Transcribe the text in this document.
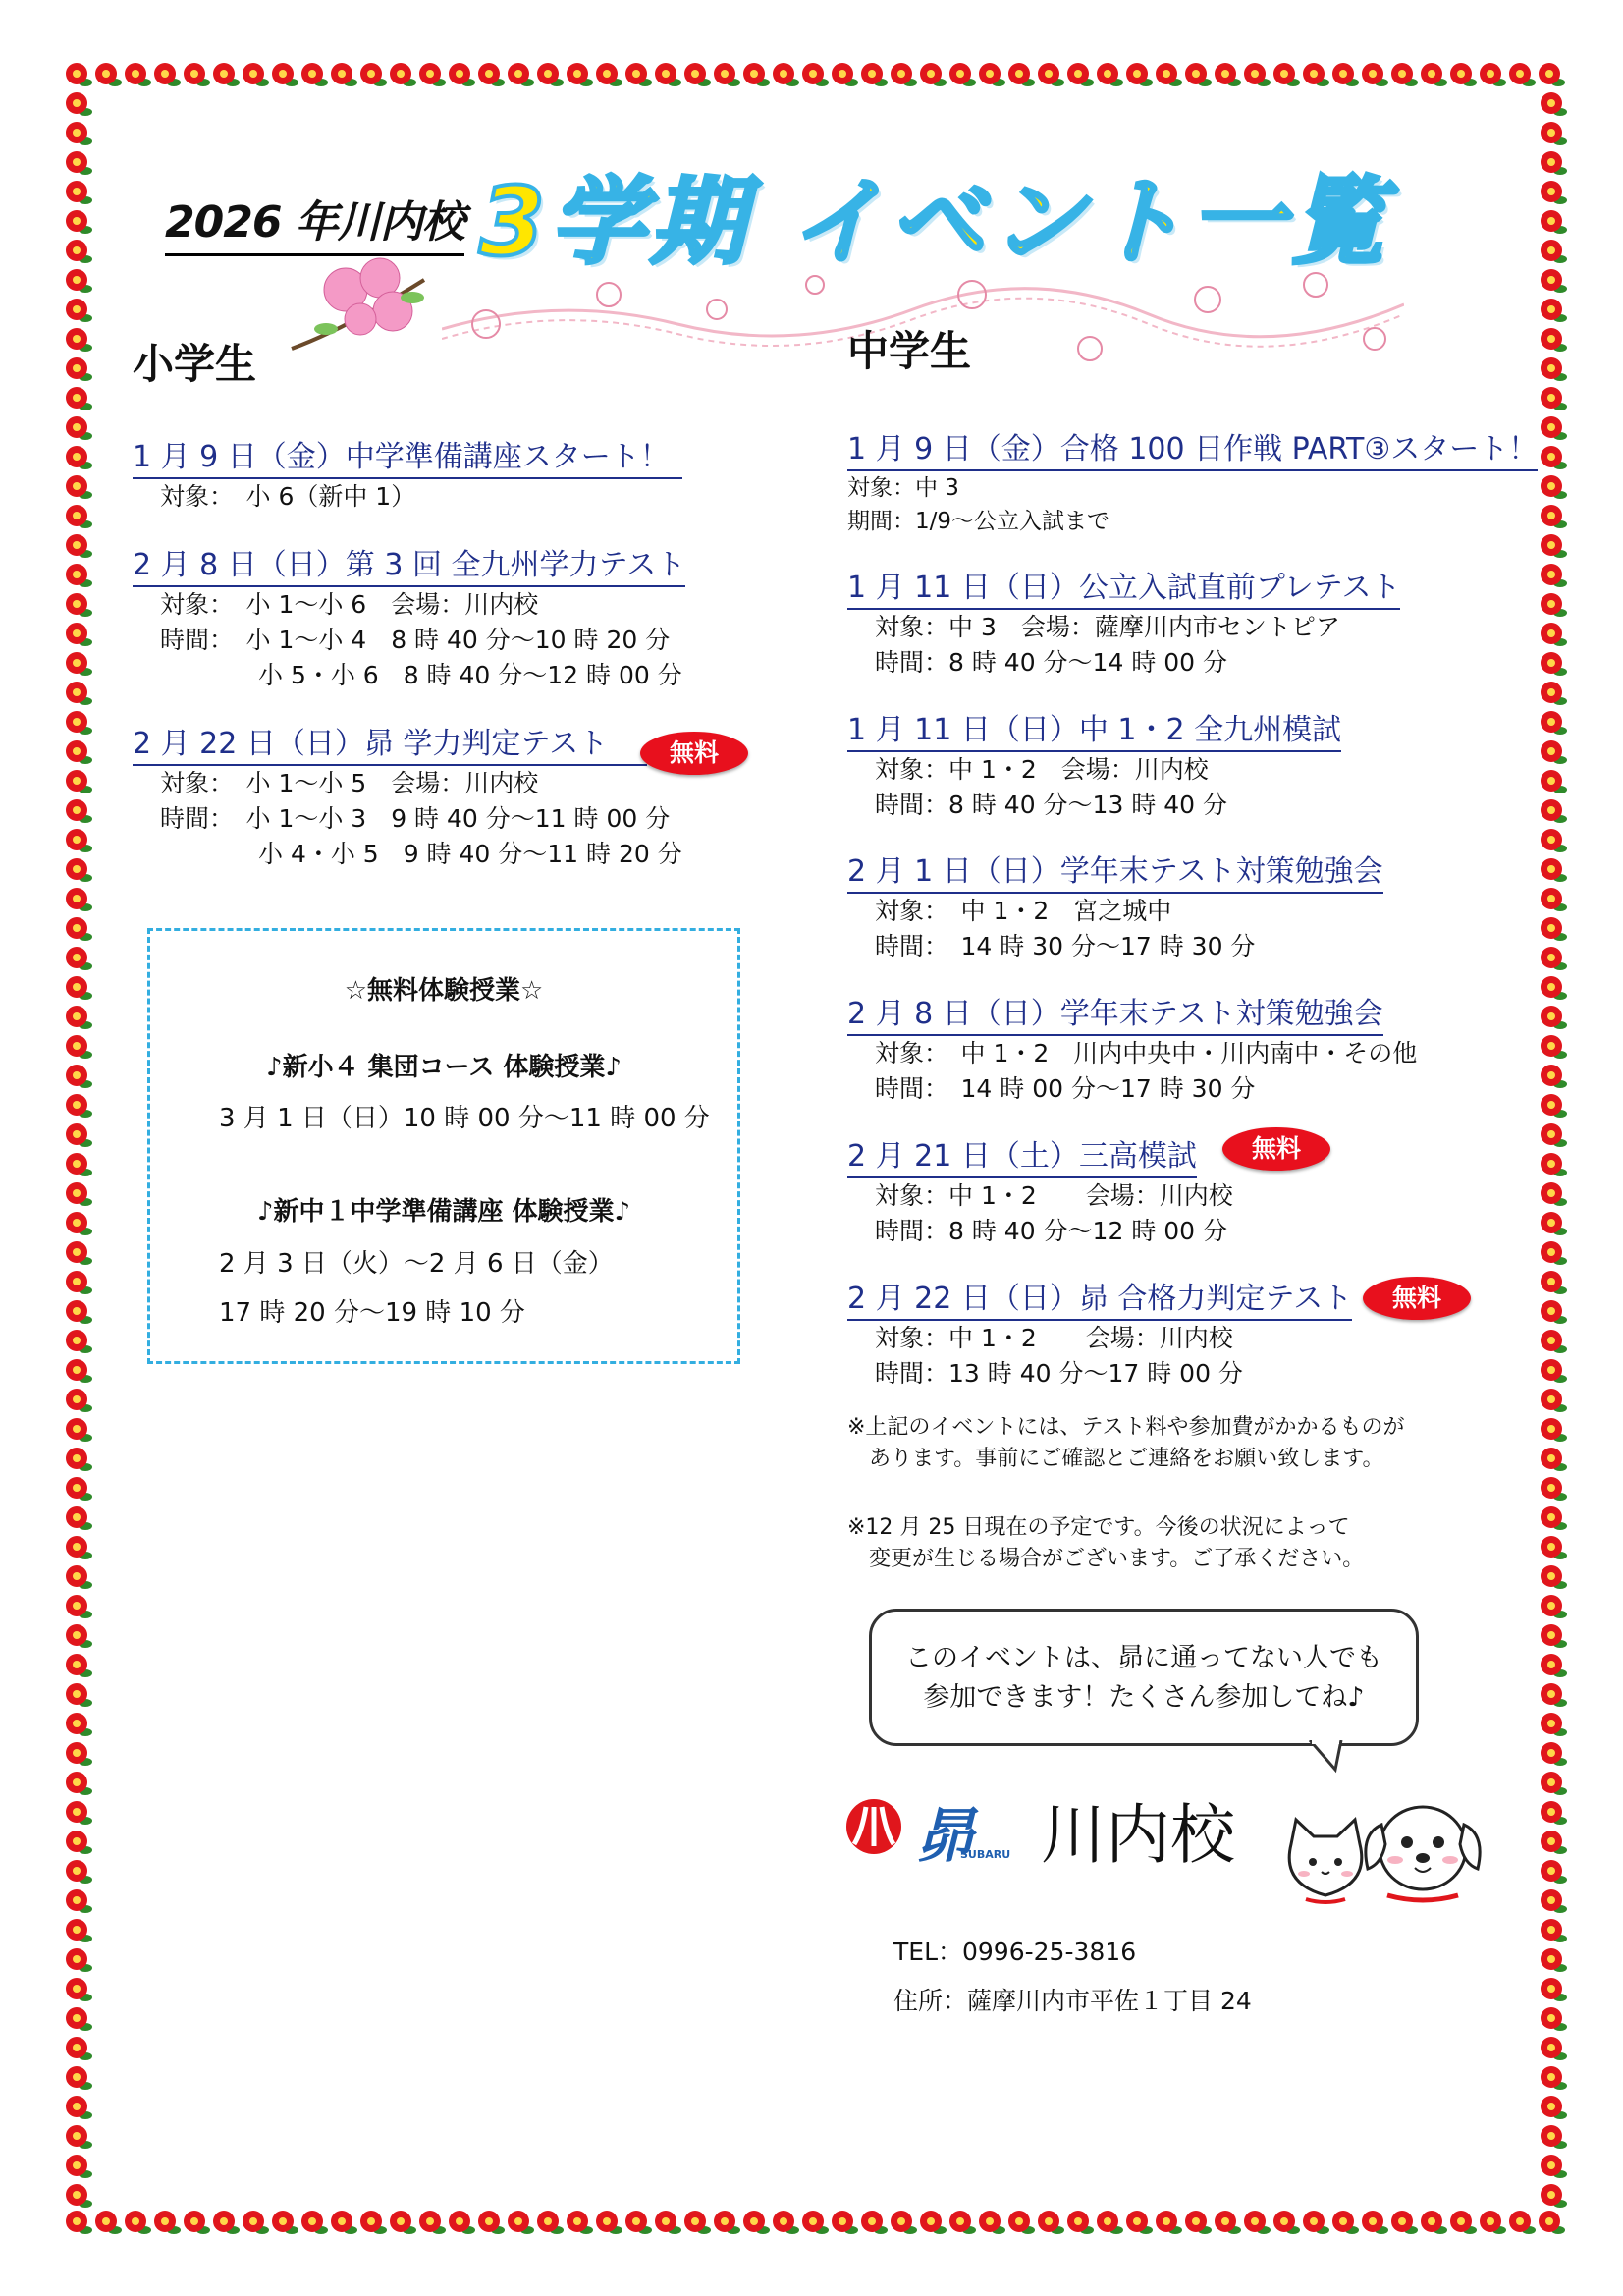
2026 年川内校 3学期 イベント一覧
小学生	中学生
1 月 9 日（金）中学準備講座スタート！
対象：　小 6（新中 1）
2 月 8 日（日）第 3 回 全九州学力テスト
対象：　小 1～小 6　会場：川内校
時間：　小 1～小 4　8 時 40 分～10 時 20 分
　　　　小 5・小 6　8 時 40 分～12 時 00 分
2 月 22 日（日）昴 学力判定テスト
対象：　小 1～小 5　会場：川内校
時間：　小 1～小 3　9 時 40 分～11 時 00 分
　　　　小 4・小 5　9 時 40 分～11 時 20 分
無料
☆無料体験授業☆
♪新小４ 集団コース 体験授業♪
3 月 1 日（日）10 時 00 分～11 時 00 分
♪新中１中学準備講座 体験授業♪
2 月 3 日（火）～2 月 6 日（金）
17 時 20 分～19 時 10 分
1 月 9 日（金）合格 100 日作戦 PART③スタート！
対象：中 3
期間：1/9～公立入試まで
1 月 11 日（日）公立入試直前プレテスト
対象：中 3　会場：薩摩川内市セントピア
時間：8 時 40 分～14 時 00 分
1 月 11 日（日）中 1・2 全九州模試
対象：中 1・2　会場：川内校
時間：8 時 40 分～13 時 40 分
2 月 1 日（日）学年末テスト対策勉強会
対象：　中 1・2　宮之城中
時間：　14 時 30 分～17 時 30 分
2 月 8 日（日）学年末テスト対策勉強会
対象：　中 1・2　川内中央中・川内南中・その他
時間：　14 時 00 分～17 時 30 分
2 月 21 日（土）三高模試
対象：中 1・2　　会場：川内校
時間：8 時 40 分～12 時 00 分
無料
2 月 22 日（日）昴 合格力判定テスト
対象：中 1・2　　会場：川内校
時間：13 時 40 分～17 時 00 分
無料
※上記のイベントには、テスト料や参加費がかかるものが
　あります。事前にご確認とご連絡をお願い致します。
※12 月 25 日現在の予定です。今後の状況によって
　変更が生じる場合がございます。ご了承ください。
このイベントは、昴に通ってない人でも
参加できます！たくさん参加してね♪
昴
SUBARU 川内校
TEL：0996-25-3816
住所：薩摩川内市平佐１丁目 24
